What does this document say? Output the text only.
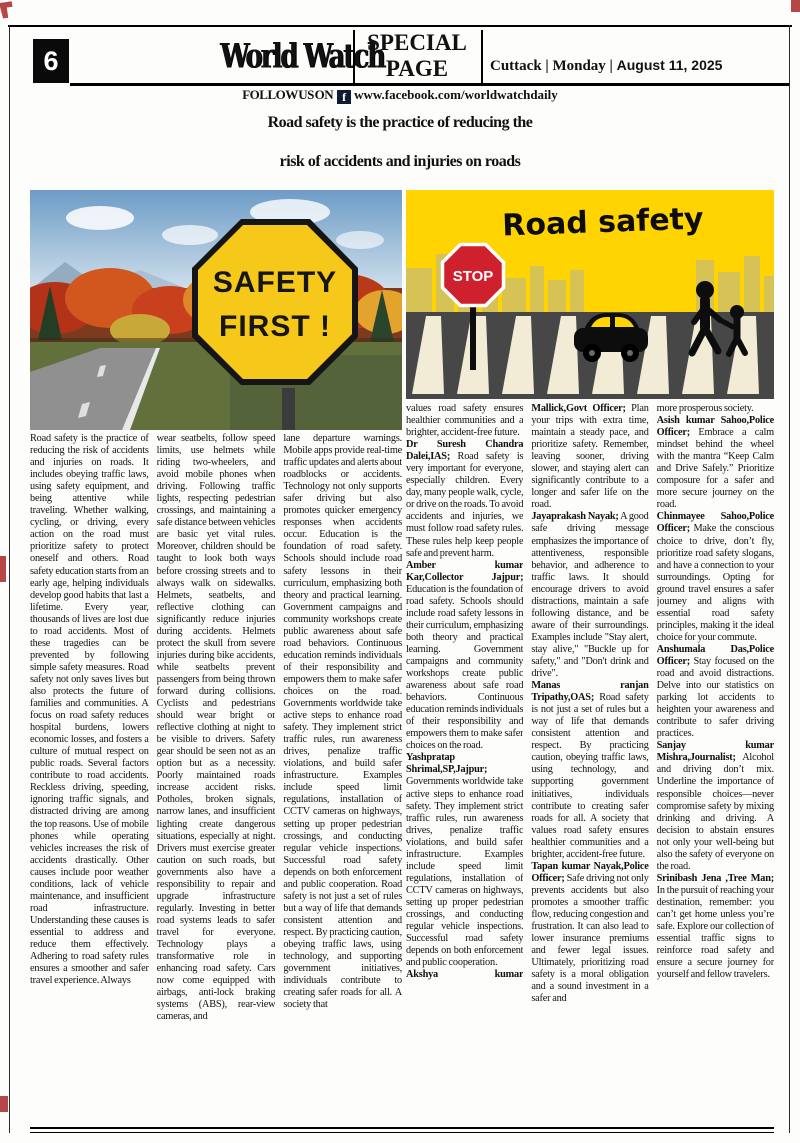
6	World Watch
SPECIAL
PAGE	Cuttack | Monday | August 11, 2025
FOLLOW US ON f www.facebook.com/worldwatchdaily
Road safety is the practice of reducing the
risk of accidents and injuries on roads
SAFETY
FIRST !
Road safety
STOP

Road safety is the practice of reducing the risk of accidents and injuries on roads. It includes obeying traffic laws, using safety equipment, and being attentive while traveling. Whether walking, cycling, or driving, every action on the road must prioritize safety to protect oneself and others. Road safety education starts from an early age, helping individuals develop good habits that last a lifetime. Every year, thousands of lives are lost due to road accidents. Most of these tragedies can be prevented by following simple safety measures. Road safety not only saves lives but also protects the future of families and communities. A focus on road safety reduces hospital burdens, lowers economic losses, and fosters a culture of mutual respect on public roads. Several factors contribute to road accidents. Reckless driving, speeding, ignoring traffic signals, and distracted driving are among the top reasons. Use of mobile phones while operating vehicles increases the risk of accidents drastically. Other causes include poor weather conditions, lack of vehicle maintenance, and insufficient road infrastructure. Understanding these causes is essential to address and reduce them effectively. Adhering to road safety rules ensures a smoother and safer travel experience. Always

wear seatbelts, follow speed limits, use helmets while riding two-wheelers, and avoid mobile phones when driving. Following traffic lights, respecting pedestrian crossings, and maintaining a safe distance between vehicles are basic yet vital rules. Moreover, children should be taught to look both ways before crossing streets and to always walk on sidewalks. Helmets, seatbelts, and reflective clothing can significantly reduce injuries during accidents. Helmets protect the skull from severe injuries during bike accidents, while seatbelts prevent passengers from being thrown forward during collisions. Cyclists and pedestrians should wear bright or reflective clothing at night to be visible to drivers. Safety gear should be seen not as an option but as a necessity. Poorly maintained roads increase accident risks. Potholes, broken signals, narrow lanes, and insufficient lighting create dangerous situations, especially at night. Drivers must exercise greater caution on such roads, but governments also have a responsibility to repair and upgrade infrastructure regularly. Investing in better road systems leads to safer travel for everyone. Technology plays a transformative role in enhancing road safety. Cars now come equipped with airbags, anti-lock braking systems (ABS), rear-view cameras, and

lane departure warnings. Mobile apps provide real-time traffic updates and alerts about roadblocks or accidents. Technology not only supports safer driving but also promotes quicker emergency responses when accidents occur. Education is the foundation of road safety. Schools should include road safety lessons in their curriculum, emphasizing both theory and practical learning. Government campaigns and community workshops create public awareness about safe road behaviors. Continuous education reminds individuals of their responsibility and empowers them to make safer choices on the road. Governments worldwide take active steps to enhance road safety. They implement strict traffic rules, run awareness drives, penalize traffic violations, and build safer infrastructure. Examples include speed limit regulations, installation of CCTV cameras on highways, setting up proper pedestrian crossings, and conducting regular vehicle inspections. Successful road safety depends on both enforcement and public cooperation. Road safety is not just a set of rules but a way of life that demands consistent attention and respect. By practicing caution, obeying traffic laws, using technology, and supporting government initiatives, individuals contribute to creating safer roads for all. A society that

values road safety ensures healthier communities and a brighter, accident-free future.

Dr Suresh Chandra Dalei,IAS; Road safety is very important for everyone, especially children. Every day, many people walk, cycle, or drive on the roads. To avoid accidents and injuries, we must follow road safety rules. These rules help keep people safe and prevent harm.

Amber kumar Kar,Collector Jajpur; Education is the foundation of road safety. Schools should include road safety lessons in their curriculum, emphasizing both theory and practical learning. Government campaigns and community workshops create public awareness about safe road behaviors. Continuous education reminds individuals of their responsibility and empowers them to make safer choices on the road.

Yashpratap Shrimal,SP,Jajpur; Governments worldwide take active steps to enhance road safety. They implement strict traffic rules, run awareness drives, penalize traffic violations, and build safer infrastructure. Examples include speed limit regulations, installation of CCTV cameras on highways, setting up proper pedestrian crossings, and conducting regular vehicle inspections. Successful road safety depends on both enforcement and public cooperation.

Akshya kumar

Mallick,Govt Officer; Plan your trips with extra time, maintain a steady pace, and prioritize safety. Remember, leaving sooner, driving slower, and staying alert can significantly contribute to a longer and safer life on the road.

Jayaprakash Nayak; A good safe driving message emphasizes the importance of attentiveness, responsible behavior, and adherence to traffic laws. It should encourage drivers to avoid distractions, maintain a safe following distance, and be aware of their surroundings. Examples include "Stay alert, stay alive," "Buckle up for safety," and "Don't drink and drive".

Manas ranjan Tripathy,OAS; Road safety is not just a set of rules but a way of life that demands consistent attention and respect. By practicing caution, obeying traffic laws, using technology, and supporting government initiatives, individuals contribute to creating safer roads for all. A society that values road safety ensures healthier communities and a brighter, accident-free future.

Tapan kumar Nayak,Police Officer; Safe driving not only prevents accidents but also promotes a smoother traffic flow, reducing congestion and frustration. It can also lead to lower insurance premiums and fewer legal issues. Ultimately, prioritizing road safety is a moral obligation and a sound investment in a safer and

more prosperous society.

Asish kumar Sahoo,Police Officer; Embrace a calm mindset behind the wheel with the mantra “Keep Calm and Drive Safely.” Prioritize composure for a safer and more secure journey on the road.

Chinmayee Sahoo,Police Officer; Make the conscious choice to drive, don’t fly, prioritize road safety slogans, and have a connection to your surroundings. Opting for ground travel ensures a safer journey and aligns with essential road safety principles, making it the ideal choice for your commute.

Anshumala Das,Police Officer; Stay focused on the road and avoid distractions. Delve into our statistics on parking lot accidents to heighten your awareness and contribute to safer driving practices.

Sanjay kumar Mishra,Journalist; Alcohol and driving don’t mix. Underline the importance of responsible choices—never compromise safety by mixing drinking and driving. A decision to abstain ensures not only your well-being but also the safety of everyone on the road.

Srinibash Jena ,Tree Man; In the pursuit of reaching your destination, remember: you can’t get home unless you’re safe. Explore our collection of essential traffic signs to reinforce road safety and ensure a secure journey for yourself and fellow travelers.
